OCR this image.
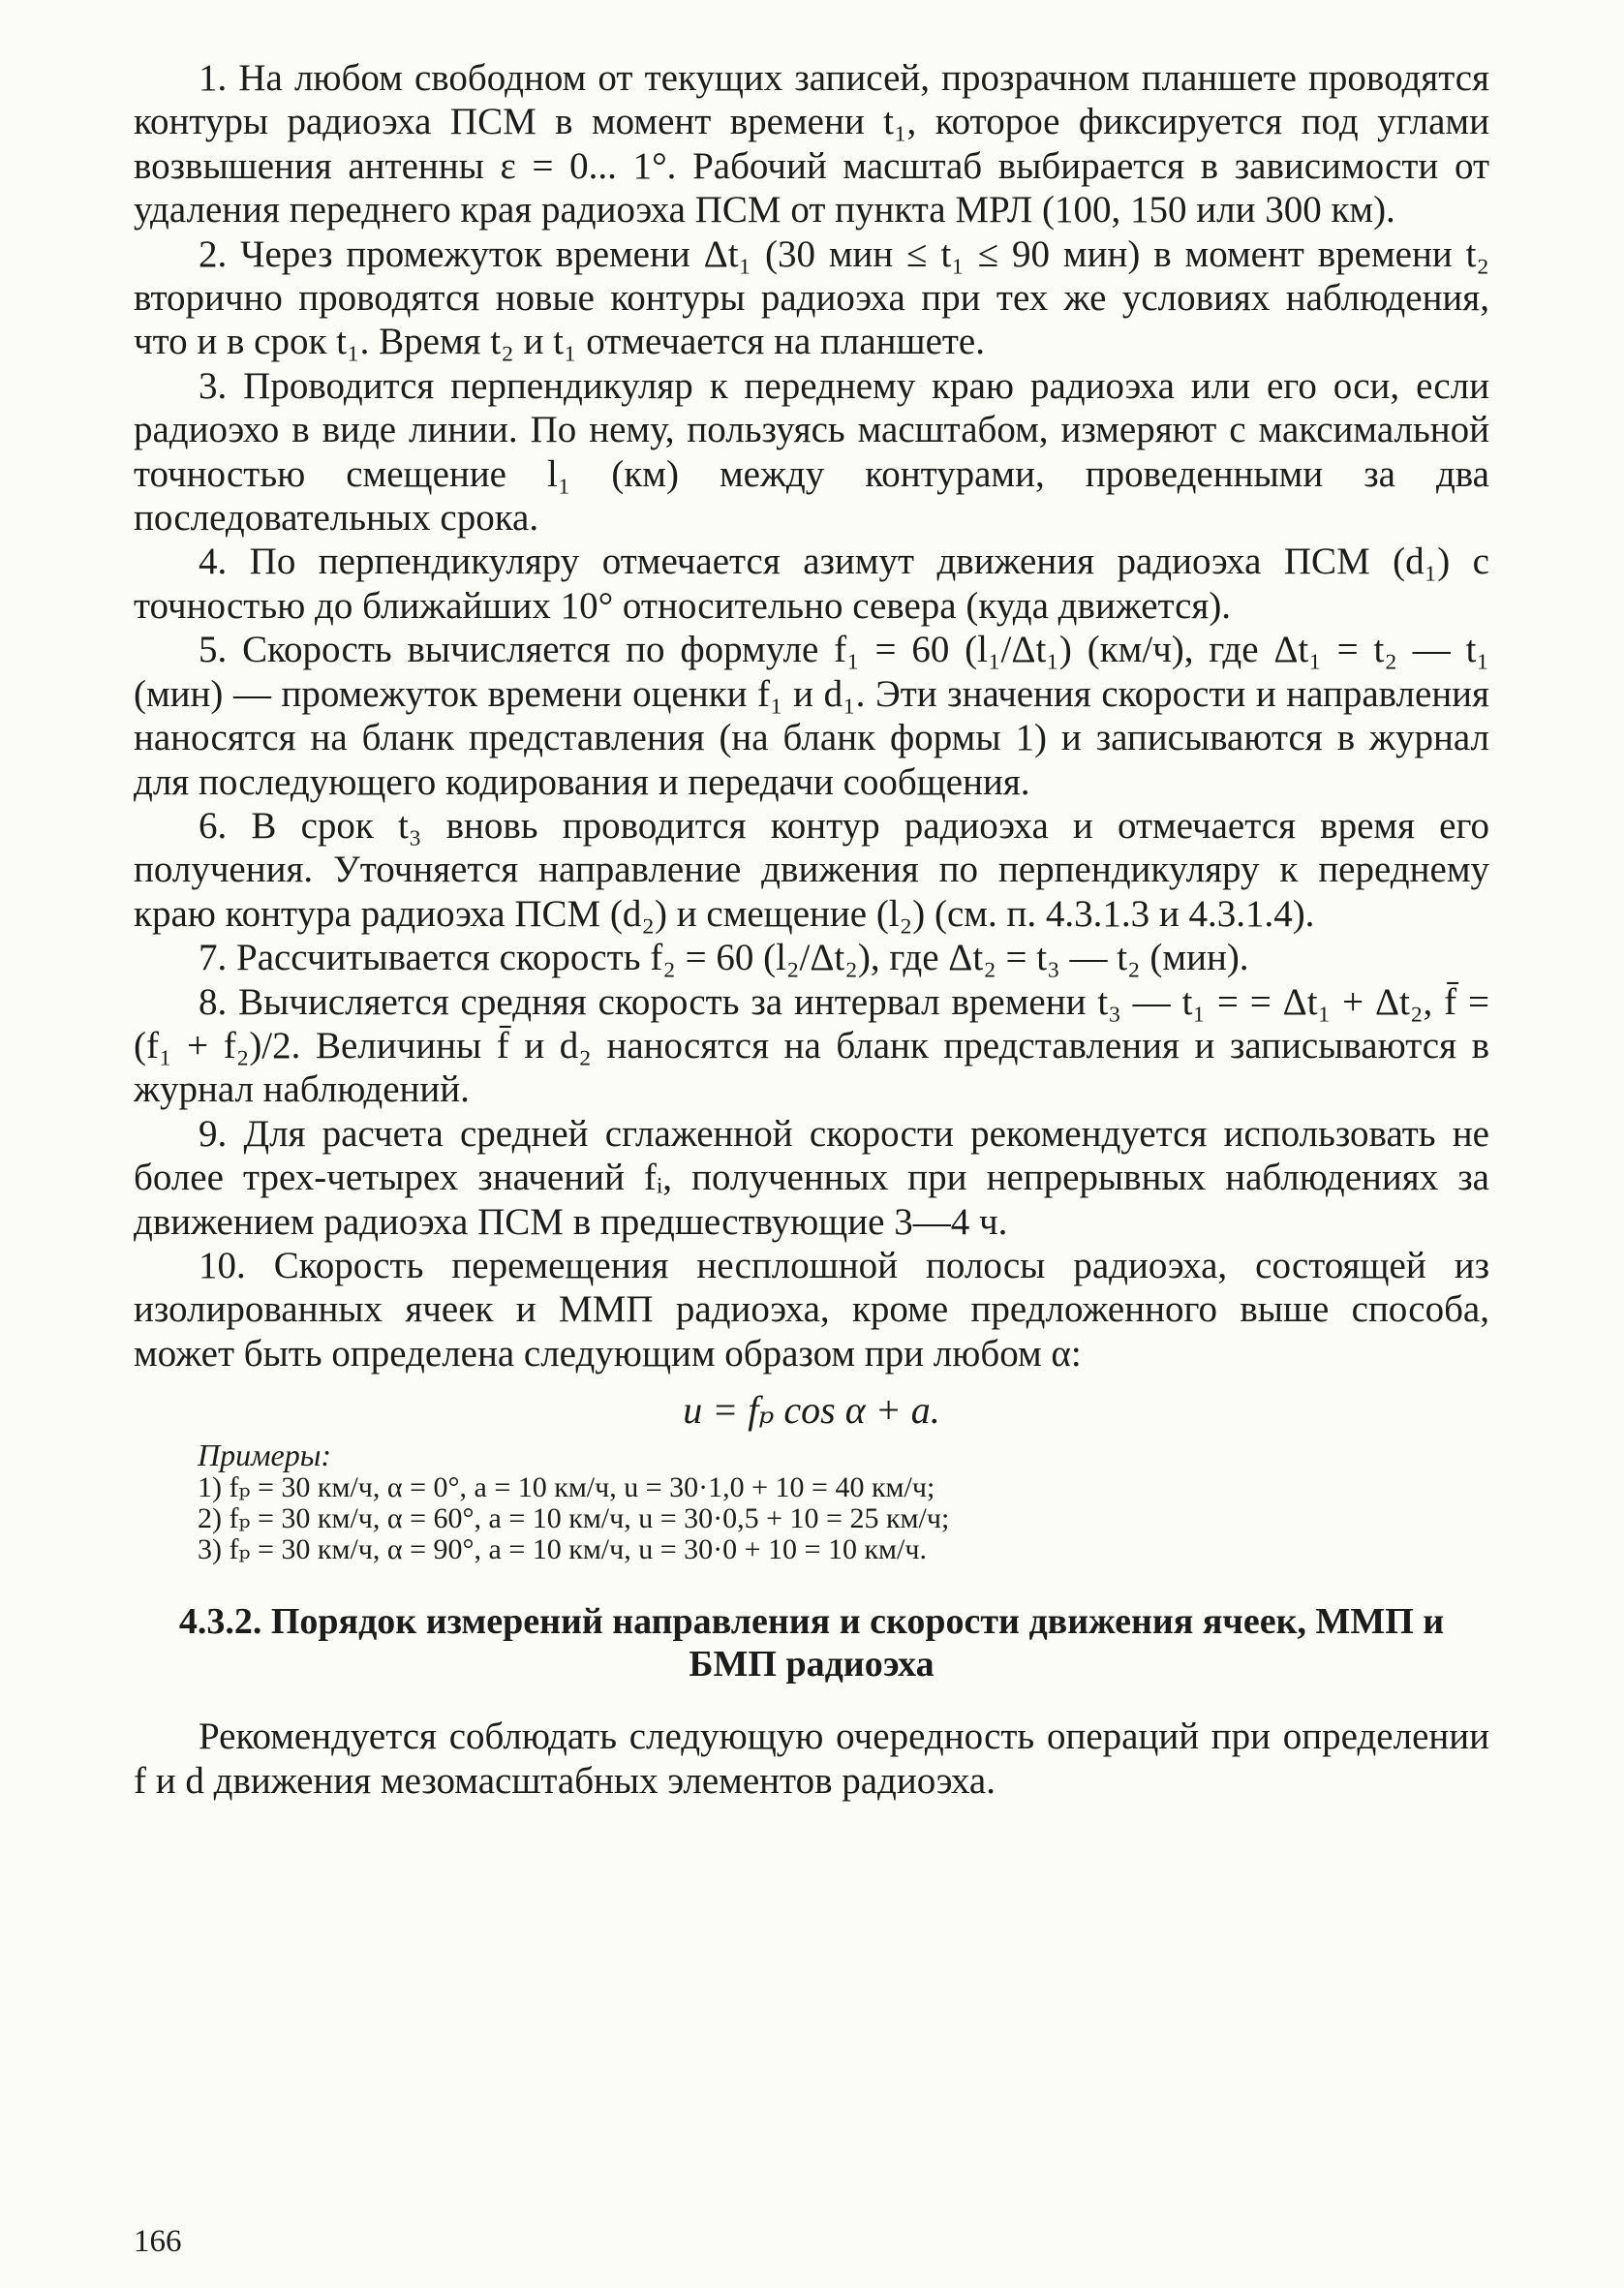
1. На любом свободном от текущих записей, прозрачном планшете проводятся контуры радиоэха ПСМ в момент времени t₁, которое фиксируется под углами возвышения антенны ε = 0... 1°. Рабочий масштаб выбирается в зависимости от удаления переднего края радиоэха ПСМ от пункта МРЛ (100, 150 или 300 км).

2. Через промежуток времени Δt₁ (30 мин ≤ t₁ ≤ 90 мин) в момент времени t₂ вторично проводятся новые контуры радиоэха при тех же условиях наблюдения, что и в срок t₁. Время t₂ и t₁ отмечается на планшете.

3. Проводится перпендикуляр к переднему краю радиоэха или его оси, если радиоэхо в виде линии. По нему, пользуясь масштабом, измеряют с максимальной точностью смещение l₁ (км) между контурами, проведенными за два последовательных срока.

4. По перпендикуляру отмечается азимут движения радиоэха ПСМ (d₁) с точностью до ближайших 10° относительно севера (куда движется).

5. Скорость вычисляется по формуле f₁ = 60 (l₁/Δt₁) (км/ч), где Δt₁ = t₂ — t₁ (мин) — промежуток времени оценки f₁ и d₁. Эти значения скорости и направления наносятся на бланк представления (на бланк формы 1) и записываются в журнал для последующего кодирования и передачи сообщения.

6. В срок t₃ вновь проводится контур радиоэха и отмечается время его получения. Уточняется направление движения по перпендикуляру к переднему краю контура радиоэха ПСМ (d₂) и смещение (l₂) (см. п. 4.3.1.3 и 4.3.1.4).

7. Рассчитывается скорость f₂ = 60 (l₂/Δt₂), где Δt₂ = t₃ — t₂ (мин).

8. Вычисляется средняя скорость за интервал времени t₃ — t₁ = = Δt₁ + Δt₂, f̄ = (f₁ + f₂)/2. Величины f̄ и d₂ наносятся на бланк представления и записываются в журнал наблюдений.

9. Для расчета средней сглаженной скорости рекомендуется использовать не более трех-четырех значений fᵢ, полученных при непрерывных наблюдениях за движением радиоэха ПСМ в предшествующие 3—4 ч.

10. Скорость перемещения несплошной полосы радиоэха, состоящей из изолированных ячеек и ММП радиоэха, кроме предложенного выше способа, может быть определена следующим образом при любом α:

u = fₚ cos α + a.
Примеры:
1) fₚ = 30 км/ч, α = 0°, a = 10 км/ч, u = 30·1,0 + 10 = 40 км/ч;
2) fₚ = 30 км/ч, α = 60°, a = 10 км/ч, u = 30·0,5 + 10 = 25 км/ч;
3) fₚ = 30 км/ч, α = 90°, a = 10 км/ч, u = 30·0 + 10 = 10 км/ч.
4.3.2. Порядок измерений направления и скорости движения ячеек, ММП и БМП радиоэха

Рекомендуется соблюдать следующую очередность операций при определении f и d движения мезомасштабных элементов радиоэха.

166
